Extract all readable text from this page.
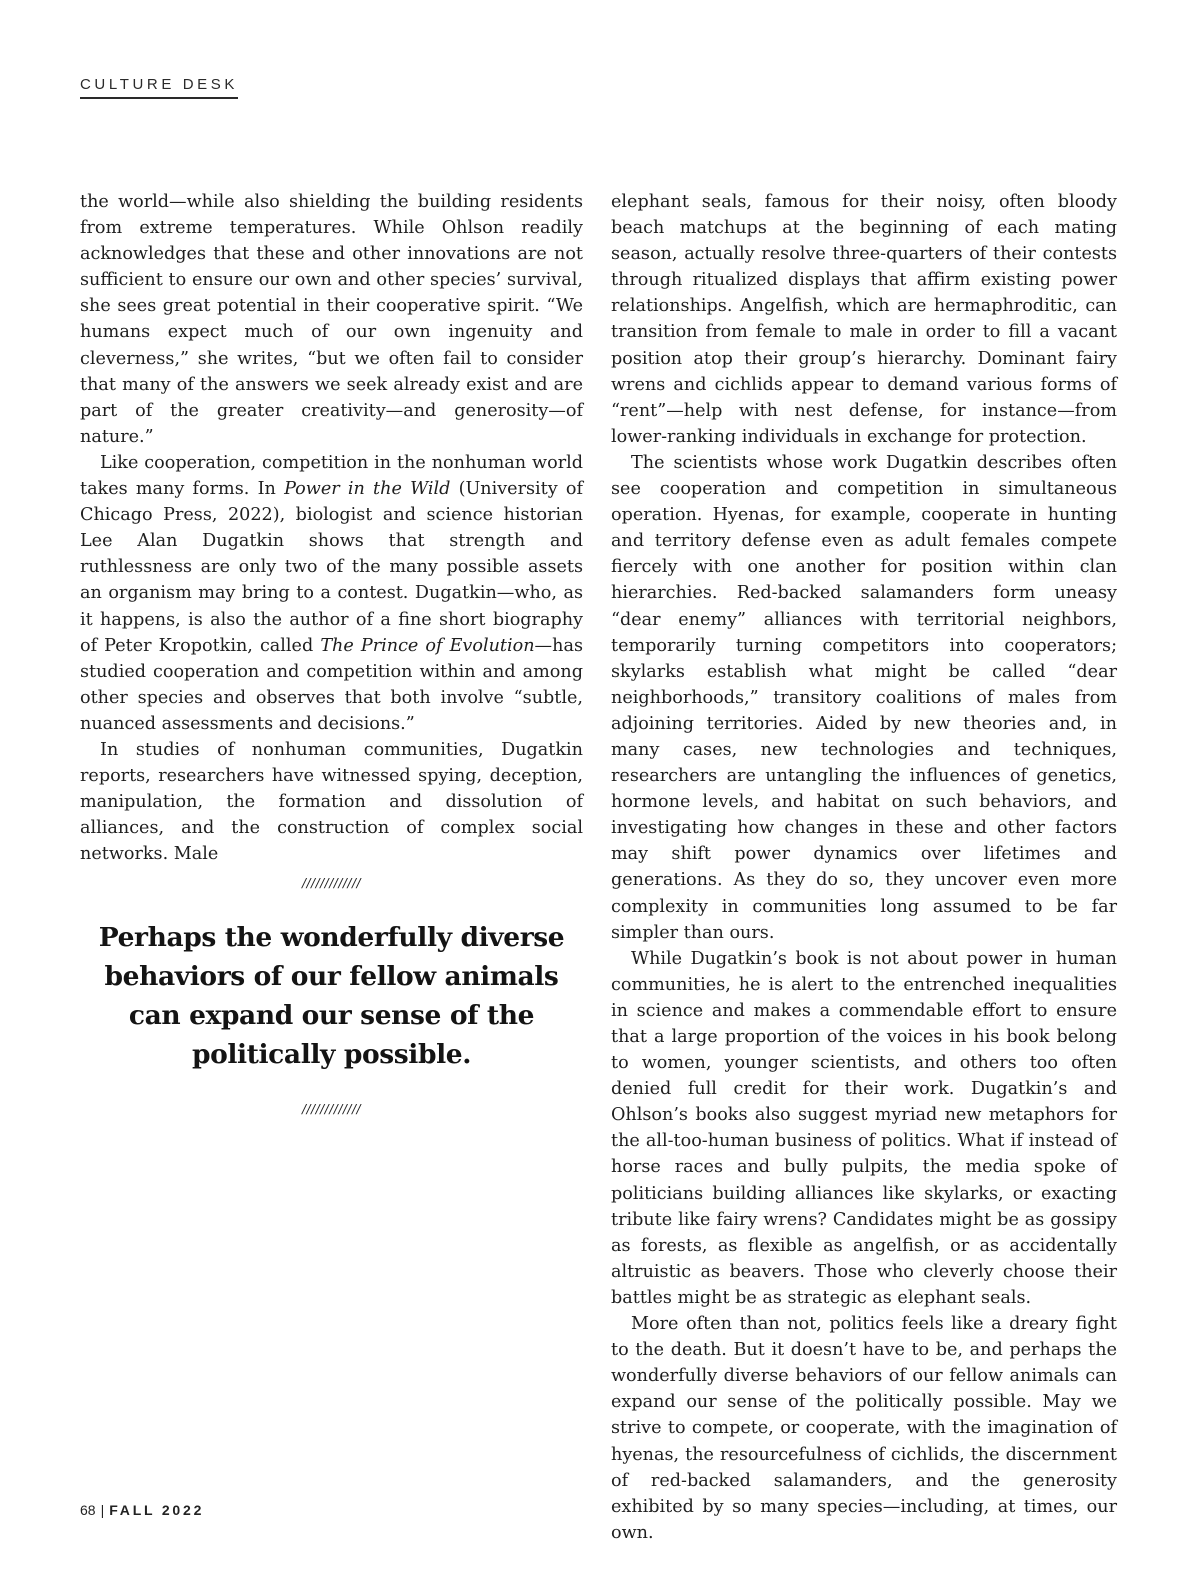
CULTURE DESK

the world—while also shielding the building residents from extreme temperatures. While Ohlson readily acknowledges that these and other innovations are not sufficient to ensure our own and other species’ survival, she sees great potential in their cooperative spirit. “We humans expect much of our own ingenuity and cleverness,” she writes, “but we often fail to consider that many of the answers we seek already exist and are part of the greater creativity—and generosity—of nature.”

Like cooperation, competition in the nonhuman world takes many forms. In Power in the Wild (University of Chicago Press, 2022), biologist and science historian Lee Alan Dugatkin shows that strength and ruthlessness are only two of the many possible assets an organism may bring to a contest. Dugatkin—who, as it happens, is also the author of a fine short biography of Peter Kropotkin, called The Prince of Evolution—has studied cooperation and competition within and among other species and observes that both involve “subtle, nuanced assessments and decisions.”

In studies of nonhuman communities, Dugatkin reports, researchers have witnessed spying, deception, manipulation, the formation and dissolution of alliances, and the construction of complex social networks. Male

/////////////
Perhaps the wonderfully diverse behaviors of our fellow animals can expand our sense of the politically possible.
/////////////

elephant seals, famous for their noisy, often bloody beach matchups at the beginning of each mating season, actually resolve three-quarters of their contests through ritualized displays that affirm existing power relationships. Angelfish, which are hermaphroditic, can transition from female to male in order to fill a vacant position atop their group’s hierarchy. Dominant fairy wrens and cichlids appear to demand various forms of “rent”—help with nest defense, for instance—from lower-ranking individuals in exchange for protection.

The scientists whose work Dugatkin describes often see cooperation and competition in simultaneous operation. Hyenas, for example, cooperate in hunting and territory defense even as adult females compete fiercely with one another for position within clan hierarchies. Red-backed salamanders form uneasy “dear enemy” alliances with territorial neighbors, temporarily turning competitors into cooperators; skylarks establish what might be called “dear neighborhoods,” transitory coalitions of males from adjoining territories. Aided by new theories and, in many cases, new technologies and techniques, researchers are untangling the influences of genetics, hormone levels, and habitat on such behaviors, and investigating how changes in these and other factors may shift power dynamics over lifetimes and generations. As they do so, they uncover even more complexity in communities long assumed to be far simpler than ours.

While Dugatkin’s book is not about power in human communities, he is alert to the entrenched inequalities in science and makes a commendable effort to ensure that a large proportion of the voices in his book belong to women, younger scientists, and others too often denied full credit for their work. Dugatkin’s and Ohlson’s books also suggest myriad new metaphors for the all-too-human business of politics. What if instead of horse races and bully pulpits, the media spoke of politicians building alliances like skylarks, or exacting tribute like fairy wrens? Candidates might be as gossipy as forests, as flexible as angelfish, or as accidentally altruistic as beavers. Those who cleverly choose their battles might be as strategic as elephant seals.

More often than not, politics feels like a dreary fight to the death. But it doesn’t have to be, and perhaps the wonderfully diverse behaviors of our fellow animals can expand our sense of the politically possible. May we strive to compete, or cooperate, with the imagination of hyenas, the resourcefulness of cichlids, the discernment of red-backed salamanders, and the generosity exhibited by so many species—including, at times, our own.

68 | FALL 2022
